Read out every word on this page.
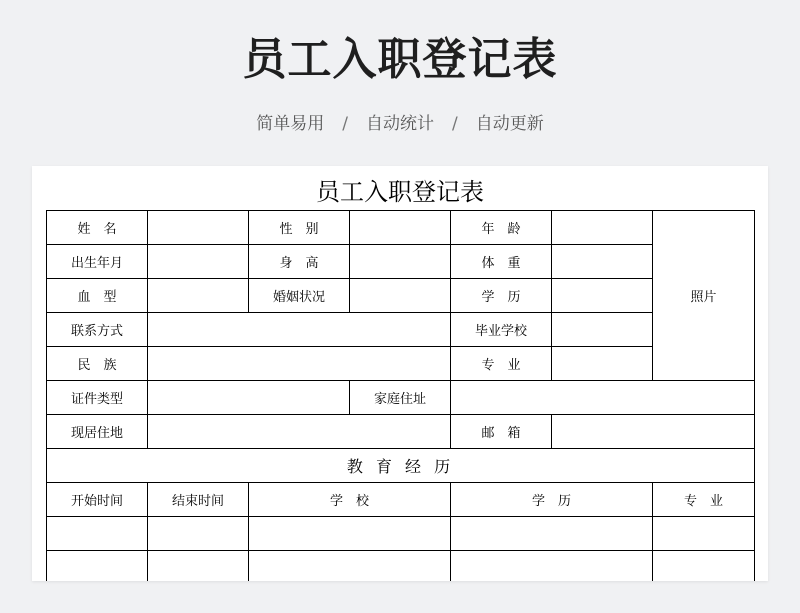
员工入职登记表
简单易用 / 自动统计 / 自动更新
员工入职登记表
姓　名		性　别		年　龄		照片
出生年月		身　高		体　重		
血　型		婚姻状况		学　历		
联系方式				毕业学校		
民　族				专　业		
证件类型			家庭住址			
现居住地				邮　箱		
教 育 经 历						
开始时间	结束时间	学　校		学　历		专　业
